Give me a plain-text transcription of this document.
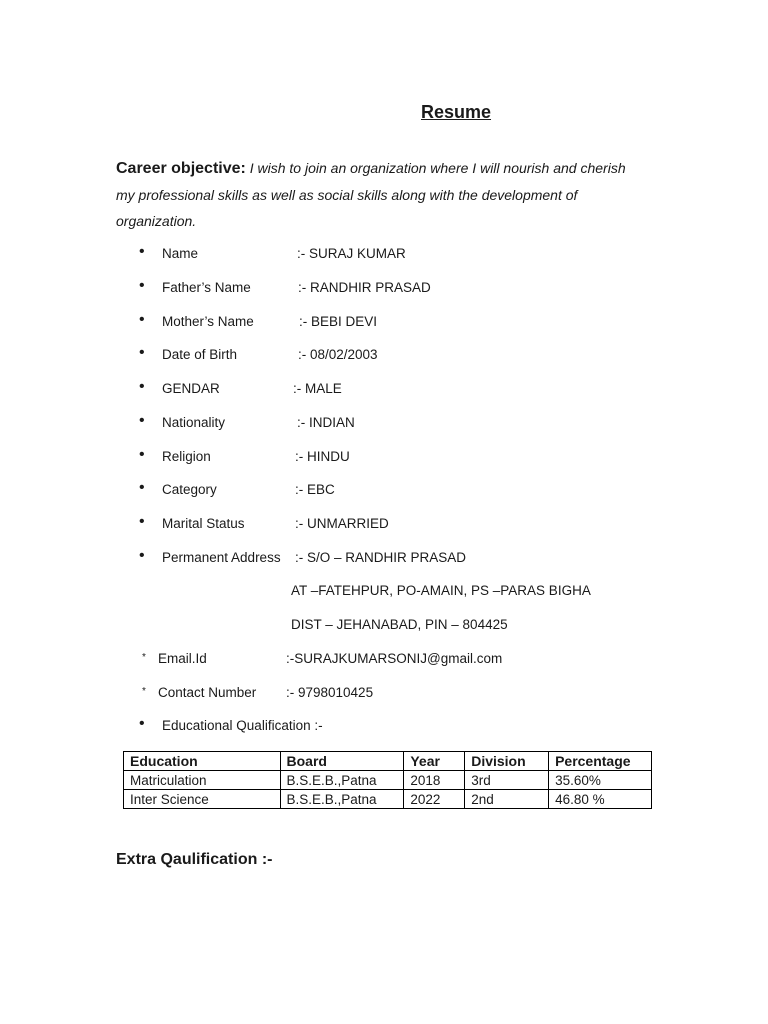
Resume
Career objective: I wish to join an organization where I will nourish and cherish my professional skills as well as social skills along with the development of organization.
• Name	:- SURAJ KUMAR
• Father’s Name	:- RANDHIR PRASAD
• Mother’s Name	:- BEBI DEVI
• Date of Birth	:- 08/02/2003
• GENDAR	:- MALE
• Nationality	:- INDIAN
• Religion	:- HINDU
• Category	:- EBC
• Marital Status	:- UNMARRIED
• Permanent Address :- S/O – RANDHIR PRASAD
AT –FATEHPUR, PO-AMAIN, PS –PARAS BIGHA
DIST – JEHANABAD, PIN – 804425
* Email.Id	:-SURAJKUMARSONIJ@gmail.com
* Contact Number :- 9798010425
• Educational Qualification :-
Education	Board	Year	Division	Percentage
Matriculation	B.S.E.B.,Patna	2018	3rd	35.60%
Inter Science	B.S.E.B.,Patna	2022	2nd	46.80 %
Extra Qaulification :-
